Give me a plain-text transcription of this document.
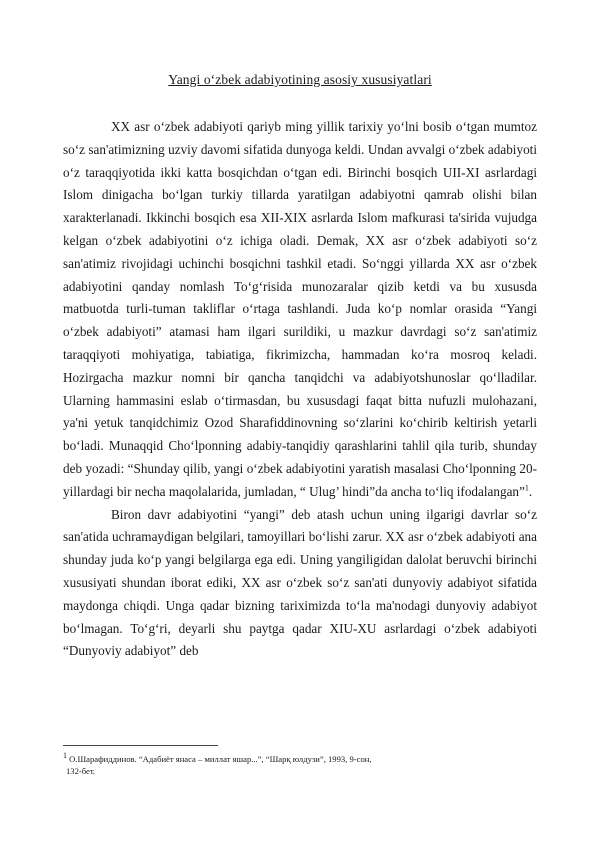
Yangi o‘zbek adabiyotining asosiy xususiyatlari

XX asr o‘zbek adabiyoti qariyb ming yillik tarixiy yo‘lni bosib o‘tgan mumtoz so‘z san'atimizning uzviy davomi sifatida dunyoga keldi. Undan avvalgi o‘zbek adabiyoti o‘z taraqqiyotida ikki katta bosqichdan o‘tgan edi. Birinchi bosqich UII-XI asrlardagi Islom dinigacha bo‘lgan turkiy tillarda yaratilgan adabiyotni qamrab olishi bilan xarakterlanadi. Ikkinchi bosqich esa XII-XIX asrlarda Islom mafkurasi ta'sirida vujudga kelgan o‘zbek adabiyotini o‘z ichiga oladi. Demak, XX asr o‘zbek adabiyoti so‘z san'atimiz rivojidagi uchinchi bosqichni tashkil etadi. So‘nggi yillarda XX asr o‘zbek adabiyotini qanday nomlash To‘g‘risida munozaralar qizib ketdi va bu xususda matbuotda turli-tuman takliflar o‘rtaga tashlandi. Juda ko‘p nomlar orasida “Yangi o‘zbek adabiyoti” atamasi ham ilgari surildiki, u mazkur davrdagi so‘z san'atimiz taraqqiyoti mohiyatiga, tabiatiga, fikrimizcha, hammadan ko‘ra mosroq keladi. Hozirgacha mazkur nomni bir qancha tanqidchi va adabiyotshunoslar qo‘lladilar. Ularning hammasini eslab o‘tirmasdan, bu xususdagi faqat bitta nufuzli mulohazani, ya'ni yetuk tanqidchimiz Ozod Sharafiddinovning so‘zlarini ko‘chirib keltirish yetarli bo‘ladi. Munaqqid Cho‘lponning adabiy-tanqidiy qarashlarini tahlil qila turib, shunday deb yozadi: “Shunday qilib, yangi o‘zbek adabiyotini yaratish masalasi Cho‘lponning 20-yillardagi bir necha maqolalarida, jumladan, “ Ulug’ hindi”da ancha to‘liq ifodalangan”$^1$.

Biron davr adabiyotini “yangi” deb atash uchun uning ilgarigi davrlar so‘z san'atida uchramaydigan belgilari, tamoyillari bo‘lishi zarur. XX asr o‘zbek adabiyoti ana shunday juda ko‘p yangi belgilarga ega edi. Uning yangiligidan dalolat beruvchi birinchi xususiyati shundan iborat ediki, XX asr o‘zbek so‘z san'ati dunyoviy adabiyot sifatida maydonga chiqdi. Unga qadar bizning tariximizda to‘la ma'nodagi dunyoviy adabiyot bo‘lmagan. To‘g‘ri, deyarli shu paytga qadar XIU-XU asrlardagi o‘zbek adabiyoti “Dunyoviy adabiyot” deb

$^1$ О.Шарафиддинов. “Адабиёт янаса – миллат яшар...”, “Шарқ юлдузи”, 1993, 9-сон,
132-бет.
